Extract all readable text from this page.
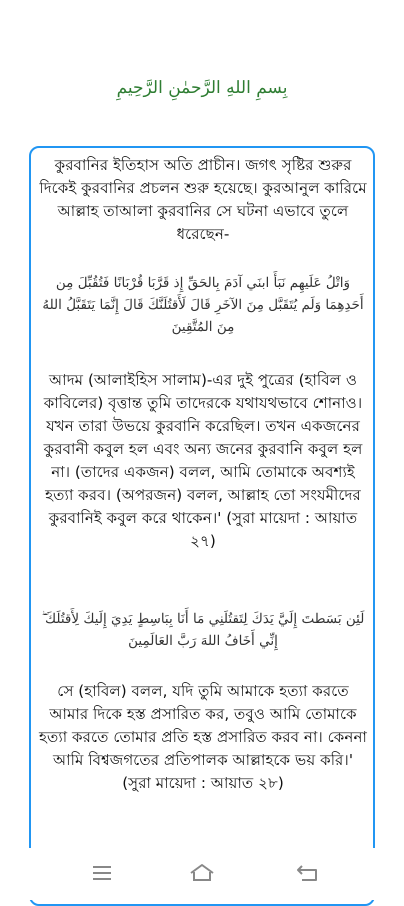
بِسمِ اللهِ الرَّحمٰنِ الرَّحِيمِ
কুরবানির ইতিহাস অতি প্রাচীন। জগৎ সৃষ্টির শুরুর দিকেই কুরবানির প্রচলন শুরু হয়েছে। কুরআনুল কারিমে আল্লাহ তাআলা কুরবানির সে ঘটনা এভাবে তুলে ধরেছেন-
وَاتْلُ عَلَيهِم نَبَأَ ابنَي آدَمَ بِالحَقِّ إِذ قَرَّبَا قُرْبَانًا فَتُقُبِّلَ مِن أَحَدِهِمَا وَلَم يُتَقَبَّل مِنَ الآخَرِ قَالَ لَأَقتُلَنَّكَ قَالَ إِنَّمَا يَتَقَبَّلُ اللهُ مِنَ المُتَّقِينَ
আদম (আলাইহিস সালাম)-এর দুই পুত্রের (হাবিল ও কাবিলের) বৃত্তান্ত তুমি তাদেরকে যথাযথভাবে শোনাও। যখন তারা উভয়ে কুরবানি করেছিল। তখন একজনের কুরবানী কবুল হল এবং অন্য জনের কুরবানি কবুল হল না। (তাদের একজন) বলল, আমি তোমাকে অবশ্যই হত্যা করব। (অপরজন) বলল, আল্লাহ তো সংযমীদের কুরবানিই কবুল করে থাকেন।' (সুরা মায়েদা : আয়াত ২৭)
لَئِن بَسَطتَ إِلَيَّ يَدَكَ لِتَقتُلَنِي مَا أَنَا بِبَاسِطٍ يَدِيَ إِلَيكَ لِأَقتُلَكَ ۖ إِنِّي أَخَافُ اللهَ رَبَّ العَالَمِينَ
সে (হাবিল) বলল, যদি তুমি আমাকে হত্যা করতে আমার দিকে হস্ত প্রসারিত কর, তবুও আমি তোমাকে হত্যা করতে তোমার প্রতি হস্ত প্রসারিত করব না। কেননা আমি বিশ্বজগতের প্রতিপালক আল্লাহকে ভয় করি।' (সুরা মায়েদা : আয়াত ২৮)
